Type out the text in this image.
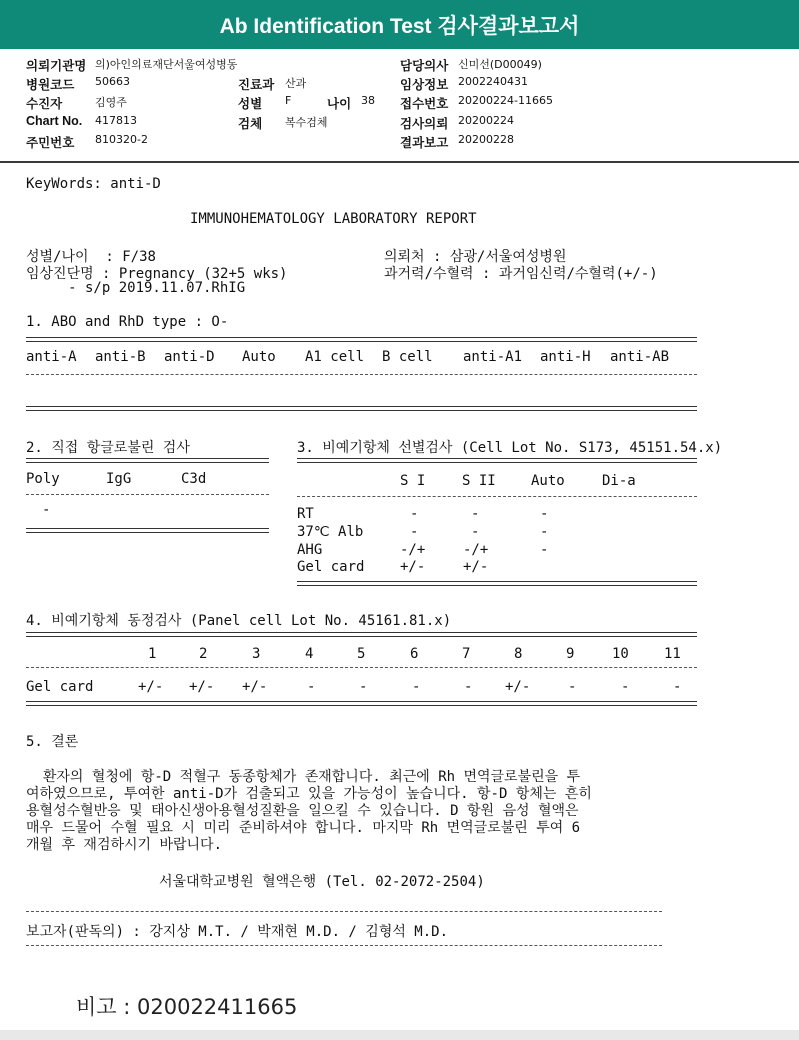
Ab Identification Test 검사결과보고서
의뢰기관명 의)아인의료재단서울여성병동	담당의사 신미선(D00049)
병원코드 50663	진료과 산과	임상정보 2002240431
수진자	김영주	성별 F	나이 38 접수번호 20200224-11665
Chart No. 417813	검체 복수검체	검사의뢰 20200224
주민번호 810320-2	결과보고 20200228
KeyWords: anti-D
IMMUNOHEMATOLOGY LABORATORY REPORT
성별/나이  : F/38	의뢰처 : 삼광/서울여성병원
임상진단명 : Pregnancy (32+5 wks)	과거력/수혈력 : 과거임신력/수혈력(+/-)
- s/p 2019.11.07.RhIG
1. ABO and RhD type : O-
anti-A anti-B anti-D Auto A1 cell B cell anti-A1 anti-H anti-AB
2. 직접 항글로불린 검사
Poly	IgG	C3d
-
3. 비예기항체 선별검사 (Cell Lot No. S173, 45151.54.x)
S I	S II	Auto	Di-a
RT	-	-	-
37℃ Alb	-	-	-
AHG	-/+	-/+	-
Gel card	+/-	+/-
4. 비예기항체 동정검사 (Panel cell Lot No. 45161.81.x)
1	2	3	4	5	6	7	8	9	10	11
Gel card	+/- +/- +/-	-	-	-	- +/-	-	-	-
5. 결론
환자의 혈청에 항-D 적혈구 동종항체가 존재합니다. 최근에 Rh 면역글로불린을 투
여하였으므로, 투여한 anti-D가 검출되고 있을 가능성이 높습니다. 항-D 항체는 흔히
용혈성수혈반응 및 태아신생아용혈성질환을 일으킬 수 있습니다. D 항원 음성 혈액은
매우 드물어 수혈 필요 시 미리 준비하셔야 합니다. 마지막 Rh 면역글로불린 투여 6
개월 후 재검하시기 바랍니다.
서울대학교병원 혈액은행 (Tel. 02-2072-2504)
보고자(판독의) : 강지상 M.T. / 박재현 M.D. / 김형석 M.D.
비고 : 020022411665
